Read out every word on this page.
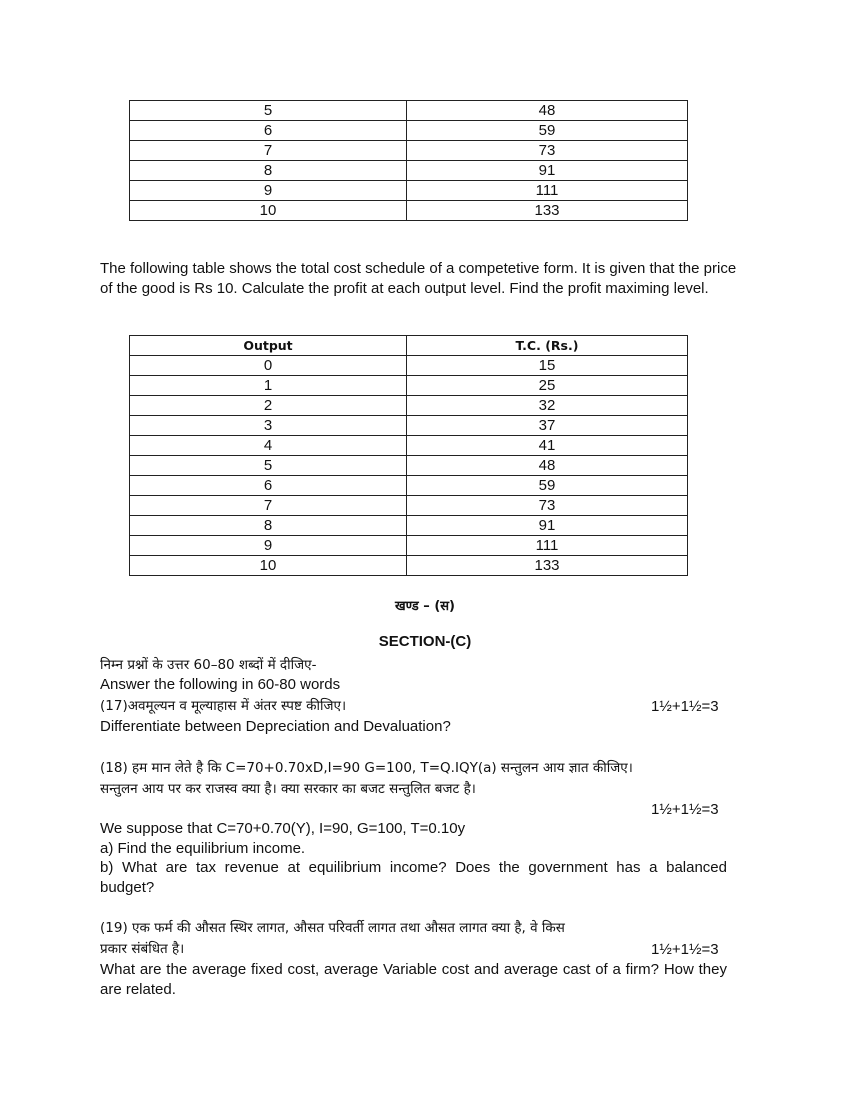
5	48
6	59
7	73
8	91
9	111
10	133
The following table shows the total cost schedule of a competetive form. It is given that the price of the good is Rs 10. Calculate the profit at each output level. Find the profit maximing level.
Output	T.C. (Rs.)
0	15
1	25
2	32
3	37
4	41
5	48
6	59
7	73
8	91
9	111
10	133
खण्ड – (स)
SECTION-(C)
निम्न प्रश्नों के उत्तर 60–80 शब्दों में दीजिए-
Answer the following in 60-80 words
(17)अवमूल्यन व मूल्याहास में अंतर स्पष्ट कीजिए।	1½+1½=3
Differentiate between Depreciation and Devaluation?
(18) हम मान लेते है कि C=70+0.70xD,I=90 G=100, T=Q.IQY(a) सन्तुलन आय ज्ञात कीजिए।
सन्तुलन आय पर कर राजस्व क्या है। क्या सरकार का बजट सन्तुलित बजट है।
1½+1½=3
We suppose that C=70+0.70(Y), I=90, G=100, T=0.10y
a) Find the equilibrium income.
b) What are tax revenue at equilibrium income? Does the government has a balanced budget?
(19) एक फर्म की औसत स्थिर लागत, औसत परिवर्ती लागत तथा औसत लागत क्या है, वे किस
प्रकार संबंधित है।	1½+1½=3
What are the average fixed cost, average Variable cost and average cast of a firm? How they are related.
